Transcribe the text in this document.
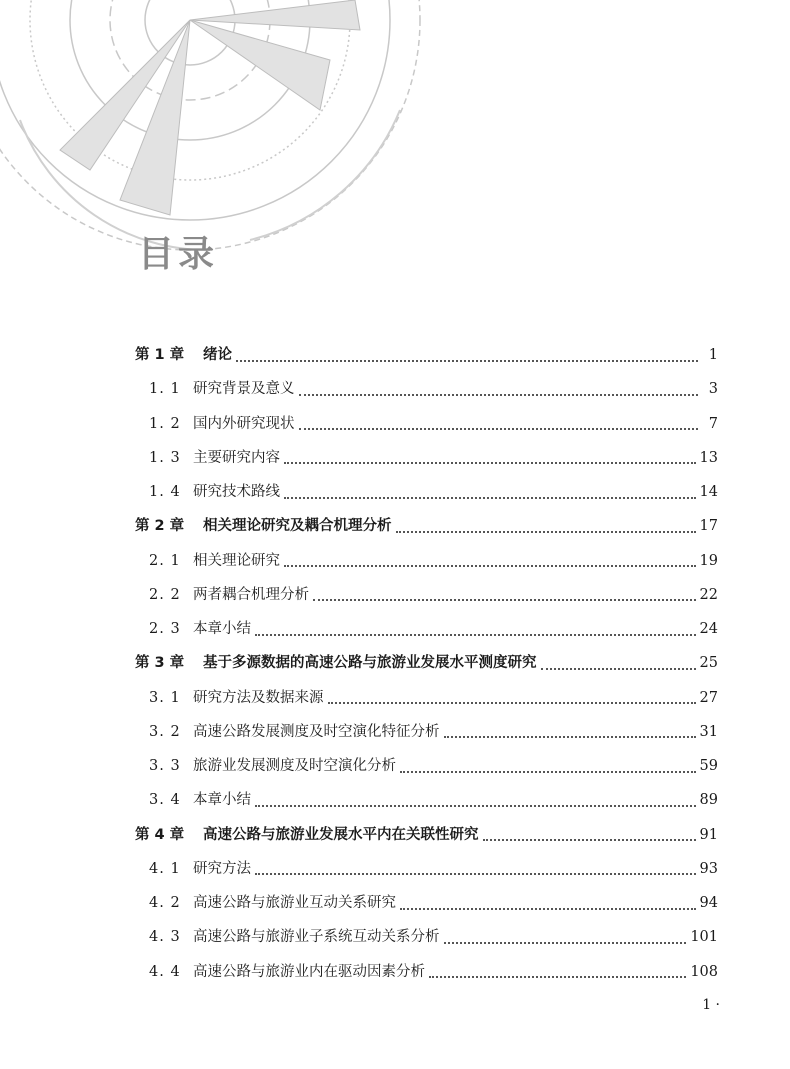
目录
第 1 章	绪论	1
1. 1 研究背景及意义	3
1. 2 国内外研究现状	7
1. 3 主要研究内容	13
1. 4 研究技术路线	14
第 2 章	相关理论研究及耦合机理分析	17
2. 1 相关理论研究	19
2. 2 两者耦合机理分析	22
2. 3 本章小结	24
第 3 章	基于多源数据的高速公路与旅游业发展水平测度研究	25
3. 1 研究方法及数据来源	27
3. 2 高速公路发展测度及时空演化特征分析	31
3. 3 旅游业发展测度及时空演化分析	59
3. 4 本章小结	89
第 4 章	高速公路与旅游业发展水平内在关联性研究	91
4. 1 研究方法	93
4. 2 高速公路与旅游业互动关系研究	94
4. 3 高速公路与旅游业子系统互动关系分析	101
4. 4 高速公路与旅游业内在驱动因素分析	108
1 ·
